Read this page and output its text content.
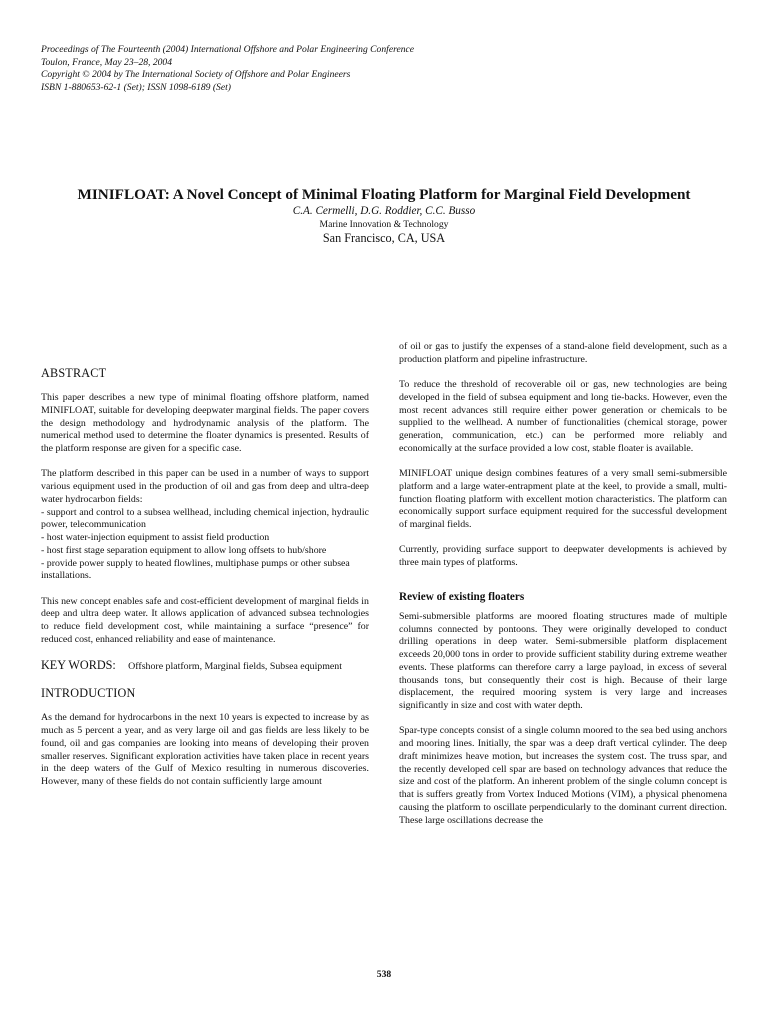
Proceedings of The Fourteenth (2004) International Offshore and Polar Engineering Conference
Toulon, France, May 23–28, 2004
Copyright © 2004 by The International Society of Offshore and Polar Engineers
ISBN 1-880653-62-1 (Set); ISSN 1098-6189 (Set)
MINIFLOAT: A Novel Concept of Minimal Floating Platform for Marginal Field Development
C.A. Cermelli, D.G. Roddier, C.C. Busso
Marine Innovation & Technology
San Francisco, CA, USA
ABSTRACT

This paper describes a new type of minimal floating offshore platform, named MINIFLOAT, suitable for developing deepwater marginal fields. The paper covers the design methodology and hydrodynamic analysis of the platform. The numerical method used to determine the floater dynamics is presented. Results of the platform response are given for a specific case.

The platform described in this paper can be used in a number of ways to support various equipment used in the production of oil and gas from deep and ultra-deep water hydrocarbon fields:
- support and control to a subsea wellhead, including chemical injection, hydraulic power, telecommunication
- host water-injection equipment to assist field production
- host first stage separation equipment to allow long offsets to hub/shore
- provide power supply to heated flowlines, multiphase pumps or other subsea installations.

This new concept enables safe and cost-efficient development of marginal fields in deep and ultra deep water. It allows application of advanced subsea technologies to reduce field development cost, while maintaining a surface “presence” for reduced cost, enhanced reliability and ease of maintenance.

KEY WORDS: Offshore platform, Marginal fields, Subsea equipment
INTRODUCTION

As the demand for hydrocarbons in the next 10 years is expected to increase by as much as 5 percent a year, and as very large oil and gas fields are less likely to be found, oil and gas companies are looking into means of developing their proven smaller reserves. Significant exploration activities have taken place in recent years in the deep waters of the Gulf of Mexico resulting in numerous discoveries. However, many of these fields do not contain sufficiently large amount

of oil or gas to justify the expenses of a stand-alone field development, such as a production platform and pipeline infrastructure.

To reduce the threshold of recoverable oil or gas, new technologies are being developed in the field of subsea equipment and long tie-backs. However, even the most recent advances still require either power generation or chemicals to be supplied to the wellhead. A number of functionalities (chemical storage, power generation, communication, etc.) can be performed more reliably and economically at the surface provided a low cost, stable floater is available.

MINIFLOAT unique design combines features of a very small semi-submersible platform and a large water-entrapment plate at the keel, to provide a small, multi-function floating platform with excellent motion characteristics. The platform can economically support surface equipment required for the successful development of marginal fields.

Currently, providing surface support to deepwater developments is achieved by three main types of platforms.

Review of existing floaters

Semi-submersible platforms are moored floating structures made of multiple columns connected by pontoons. They were originally developed to conduct drilling operations in deep water. Semi-submersible platform displacement exceeds 20,000 tons in order to provide sufficient stability during extreme weather events. These platforms can therefore carry a large payload, in excess of several thousands tons, but consequently their cost is high. Because of their large displacement, the required mooring system is very large and increases significantly in size and cost with water depth.

Spar-type concepts consist of a single column moored to the sea bed using anchors and mooring lines. Initially, the spar was a deep draft vertical cylinder. The deep draft minimizes heave motion, but increases the system cost. The truss spar, and the recently developed cell spar are based on technology advances that reduce the size and cost of the platform. An inherent problem of the single column concept is that is suffers greatly from Vortex Induced Motions (VIM), a physical phenomena causing the platform to oscillate perpendicularly to the dominant current direction. These large oscillations decrease the

538
